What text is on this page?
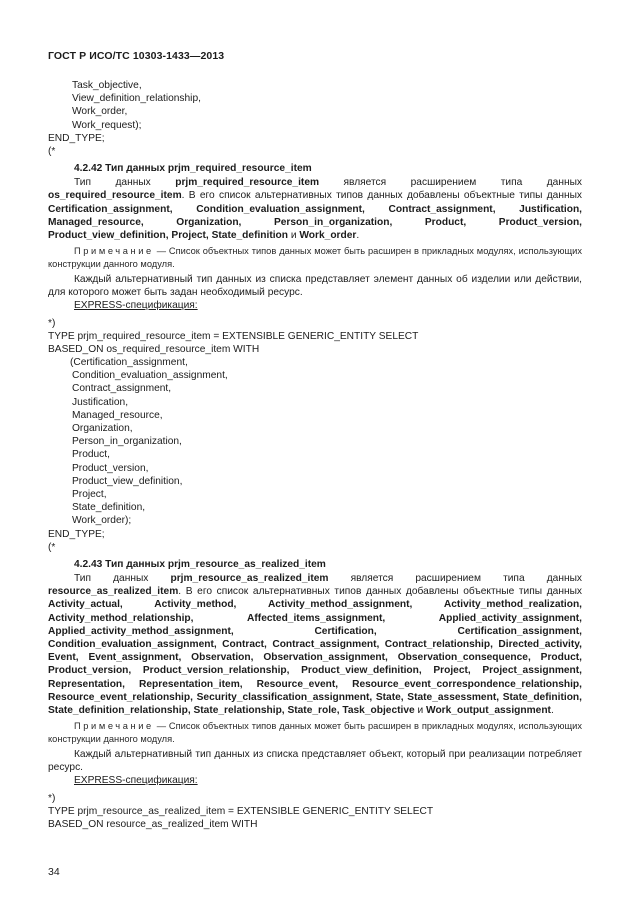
ГОСТ Р ИСО/ТС 10303-1433—2013
Task_objective,
View_definition_relationship,
Work_order,
Work_request);
END_TYPE;
(*
4.2.42 Тип данных prjm_required_resource_item
Тип данных prjm_required_resource_item является расширением типа данных os_required_resource_item. В его список альтернативных типов данных добавлены объектные типы данных Certification_assignment, Condition_evaluation_assignment, Contract_assignment, Justification, Managed_resource, Organization, Person_in_organization, Product, Product_version, Product_view_definition, Project, State_definition и Work_order.
Примечание — Список объектных типов данных может быть расширен в прикладных модулях, использующих конструкции данного модуля.
Каждый альтернативный тип данных из списка представляет элемент данных об изделии или действии, для которого может быть задан необходимый ресурс.
EXPRESS-спецификация:
*)
TYPE prjm_required_resource_item = EXTENSIBLE GENERIC_ENTITY SELECT
BASED_ON os_required_resource_item WITH
(Certification_assignment,
Condition_evaluation_assignment,
Contract_assignment,
Justification,
Managed_resource,
Organization,
Person_in_organization,
Product,
Product_version,
Product_view_definition,
Project,
State_definition,
Work_order);
END_TYPE;
(*
4.2.43 Тип данных prjm_resource_as_realized_item
Тип данных prjm_resource_as_realized_item является расширением типа данных resource_as_realized_item. В его список альтернативных типов данных добавлены объектные типы данных Activity_actual, Activity_method, Activity_method_assignment, Activity_method_realization, Activity_method_relationship, Affected_items_assignment, Applied_activity_assignment, Applied_activity_method_assignment, Certification, Certification_assignment, Condition_evaluation_assignment, Contract, Contract_assignment, Contract_relationship, Directed_activity, Event, Event_assignment, Observation, Observation_assignment, Observation_consequence, Product, Product_version, Product_version_relationship, Product_view_definition, Project, Project_assignment, Representation, Representation_item, Resource_event, Resource_event_correspondence_relationship, Resource_event_relationship, Security_classification_assignment, State, State_assessment, State_definition, State_definition_relationship, State_relationship, State_role, Task_objective и Work_output_assignment.
Примечание — Список объектных типов данных может быть расширен в прикладных модулях, использующих конструкции данного модуля.
Каждый альтернативный тип данных из списка представляет объект, который при реализации потребляет ресурс.
EXPRESS-спецификация:
*)
TYPE prjm_resource_as_realized_item = EXTENSIBLE GENERIC_ENTITY SELECT
BASED_ON resource_as_realized_item WITH
34
